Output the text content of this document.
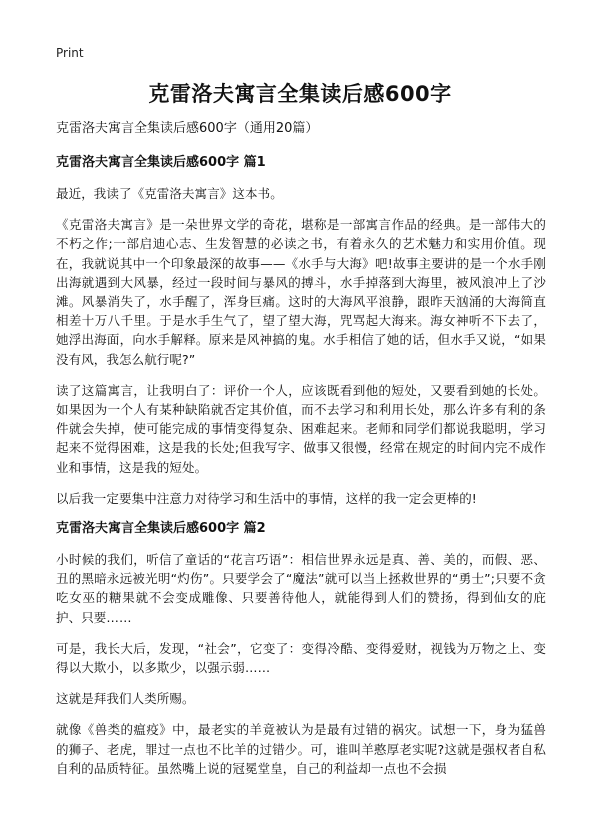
Print
克雷洛夫寓言全集读后感600字

克雷洛夫寓言全集读后感600字（通用20篇）

克雷洛夫寓言全集读后感600字 篇1

最近，我读了《克雷洛夫寓言》这本书。

《克雷洛夫寓言》是一朵世界文学的奇花，堪称是一部寓言作品的经典。是一部伟大的不朽之作;一部启迪心志、生发智慧的必读之书，有着永久的艺术魅力和实用价值。现在，我就说其中一个印象最深的故事——《水手与大海》吧!故事主要讲的是一个水手刚出海就遇到大风暴，经过一段时间与暴风的搏斗，水手掉落到大海里，被风浪冲上了沙滩。风暴消失了，水手醒了，浑身巨痛。这时的大海风平浪静，跟昨天汹涌的大海简直相差十万八千里。于是水手生气了，望了望大海，咒骂起大海来。海女神听不下去了，她浮出海面，向水手解释。原来是风神搞的鬼。水手相信了她的话，但水手又说，“如果没有风，我怎么航行呢?”

读了这篇寓言，让我明白了：评价一个人，应该既看到他的短处，又要看到她的长处。如果因为一个人有某种缺陷就否定其价值，而不去学习和利用长处，那么许多有利的条件就会失掉，使可能完成的事情变得复杂、困难起来。老师和同学们都说我聪明，学习起来不觉得困难，这是我的长处;但我写字、做事又很慢，经常在规定的时间内完不成作业和事情，这是我的短处。

以后我一定要集中注意力对待学习和生活中的事情，这样的我一定会更棒的!

克雷洛夫寓言全集读后感600字 篇2

小时候的我们，听信了童话的“花言巧语”：相信世界永远是真、善、美的，而假、恶、丑的黑暗永远被光明“灼伤”。只要学会了“魔法”就可以当上拯救世界的“勇士”;只要不贪吃女巫的糖果就不会变成雕像、只要善待他人，就能得到人们的赞扬，得到仙女的庇护、只要……

可是，我长大后，发现，“社会”，它变了：变得冷酷、变得爱财，视钱为万物之上、变得以大欺小，以多欺少，以强示弱……

这就是拜我们人类所赐。

就像《兽类的瘟疫》中，最老实的羊竟被认为是最有过错的祸灾。试想一下，身为猛兽的狮子、老虎，罪过一点也不比羊的过错少。可，谁叫羊憨厚老实呢?这就是强权者自私自利的品质特征。虽然嘴上说的冠冕堂皇，自己的利益却一点也不会损
